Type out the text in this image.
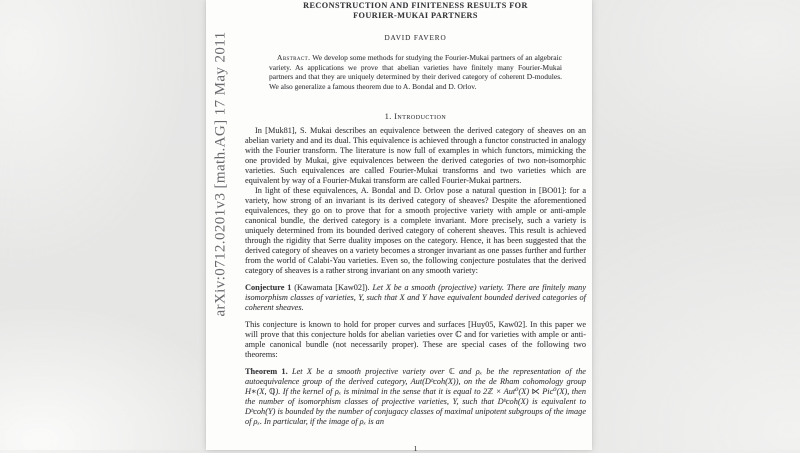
RECONSTRUCTION AND FINITENESS RESULTS FOR
FOURIER-MUKAI PARTNERS
DAVID FAVERO

Abstract. We develop some methods for studying the Fourier-Mukai partners of an algebraic variety. As applications we prove that abelian varieties have finitely many Fourier-Mukai partners and that they are uniquely determined by their derived category of coherent D-modules. We also generalize a famous theorem due to A. Bondal and D. Orlov.

1. Introduction

In [Muk81], S. Mukai describes an equivalence between the derived category of sheaves on an abelian variety and and its dual. This equivalence is achieved through a functor constructed in analogy with the Fourier transform. The literature is now full of examples in which functors, mimicking the one provided by Mukai, give equivalences between the derived categories of two non-isomorphic varieties. Such equivalences are called Fourier-Mukai transforms and two varieties which are equivalent by way of a Fourier-Mukai transform are called Fourier-Mukai partners.

In light of these equivalences, A. Bondal and D. Orlov pose a natural question in [BO01]: for a variety, how strong of an invariant is its derived category of sheaves? Despite the aforementioned equivalences, they go on to prove that for a smooth projective variety with ample or anti-ample canonical bundle, the derived category is a complete invariant. More precisely, such a variety is uniquely determined from its bounded derived category of coherent sheaves. This result is achieved through the rigidity that Serre duality imposes on the category. Hence, it has been suggested that the derived category of sheaves on a variety becomes a stronger invariant as one passes further and further from the world of Calabi-Yau varieties. Even so, the following conjecture postulates that the derived category of sheaves is a rather strong invariant on any smooth variety:

Conjecture 1 (Kawamata [Kaw02]). Let X be a smooth (projective) variety. There are finitely many isomorphism classes of varieties, Y, such that X and Y have equivalent bounded derived categories of coherent sheaves.

This conjecture is known to hold for proper curves and surfaces [Huy05, Kaw02]. In this paper we will prove that this conjecture holds for abelian varieties over ℂ and for varieties with ample or anti-ample canonical bundle (not necessarily proper). These are special cases of the following two theorems:

Theorem 1. Let X be a smooth projective variety over ℂ and ρₓ be the representation of the autoequivalence group of the derived category, Aut(Dᵇcoh(X)), on the de Rham cohomology group H∗(X, ℚ). If the kernel of ρₓ is minimal in the sense that it is equal to 2ℤ × Aut⁰(X) ⋉ Pic⁰(X), then the number of isomorphism classes of projective varieties, Y, such that Dᵇcoh(X) is equivalent to Dᵇcoh(Y) is bounded by the number of conjugacy classes of maximal unipotent subgroups of the image of ρₓ. In particular, if the image of ρₓ is an

1
arXiv:0712.0201v3 [math.AG] 17 May 2011
